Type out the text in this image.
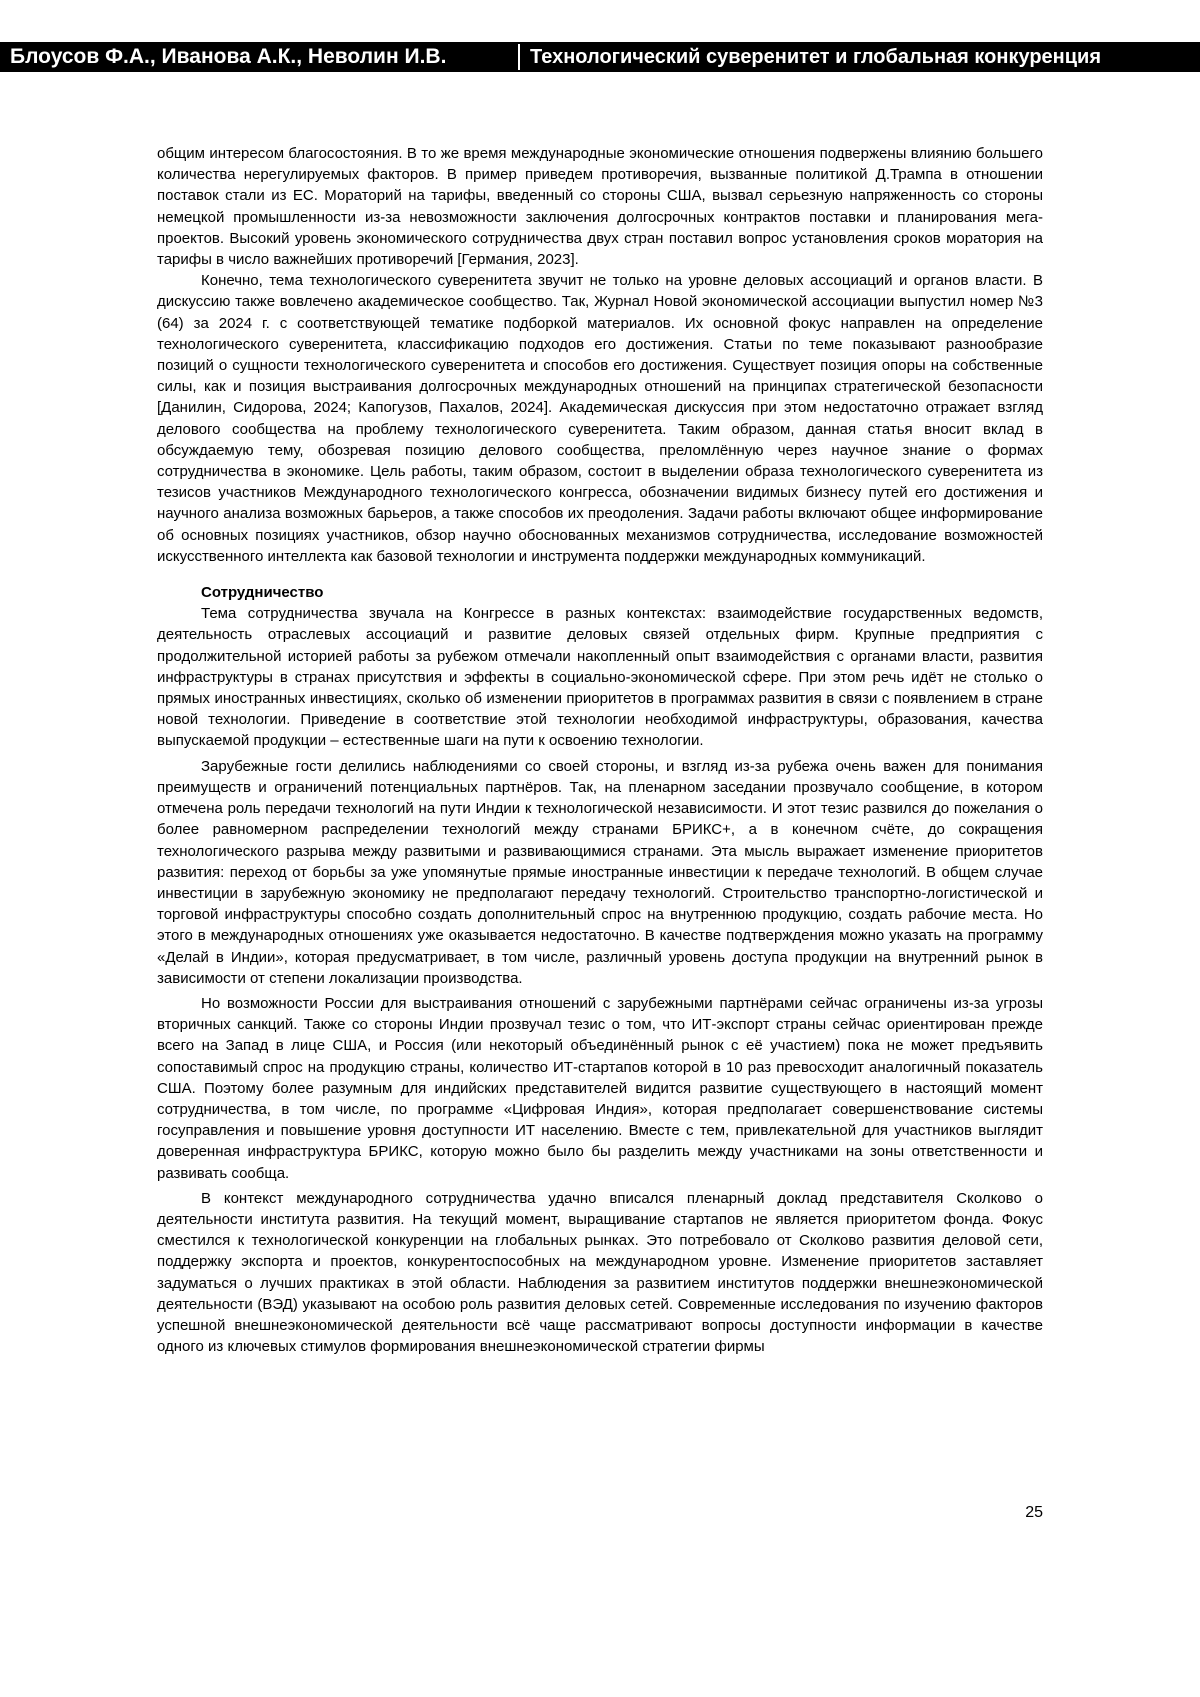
Блоусов Ф.А., Иванова А.К., Неволин И.В.	Технологический суверенитет и глобальная конкуренция

общим интересом благосостояния. В то же время международные экономические отношения подвержены влиянию большего количества нерегулируемых факторов. В пример приведем противоречия, вызванные политикой Д.Трампа в отношении поставок стали из ЕС. Мораторий на тарифы, введенный со стороны США, вызвал серьезную напряженность со стороны немецкой промышленности из-за невозможности заключения долгосрочных контрактов поставки и планирования мега-проектов. Высокий уровень экономического сотрудничества двух стран поставил вопрос установления сроков моратория на тарифы в число важнейших противоречий [Германия, 2023].

Конечно, тема технологического суверенитета звучит не только на уровне деловых ассоциаций и органов власти. В дискуссию также вовлечено академическое сообщество. Так, Журнал Новой экономической ассоциации выпустил номер №3 (64) за 2024 г. с соответствующей тематике подборкой материалов. Их основной фокус направлен на определение технологического суверенитета, классификацию подходов его достижения. Статьи по теме показывают разнообразие позиций о сущности технологического суверенитета и способов его достижения. Существует позиция опоры на собственные силы, как и позиция выстраивания долгосрочных международных отношений на принципах стратегической безопасности [Данилин, Сидорова, 2024; Капогузов, Пахалов, 2024]. Академическая дискуссия при этом недостаточно отражает взгляд делового сообщества на проблему технологического суверенитета. Таким образом, данная статья вносит вклад в обсуждаемую тему, обозревая позицию делового сообщества, преломлённую через научное знание о формах сотрудничества в экономике. Цель работы, таким образом, состоит в выделении образа технологического суверенитета из тезисов участников Международного технологического конгресса, обозначении видимых бизнесу путей его достижения и научного анализа возможных барьеров, а также способов их преодоления. Задачи работы включают общее информирование об основных позициях участников, обзор научно обоснованных механизмов сотрудничества, исследование возможностей искусственного интеллекта как базовой технологии и инструмента поддержки международных коммуникаций.

Сотрудничество

Тема сотрудничества звучала на Конгрессе в разных контекстах: взаимодействие государственных ведомств, деятельность отраслевых ассоциаций и развитие деловых связей отдельных фирм. Крупные предприятия с продолжительной историей работы за рубежом отмечали накопленный опыт взаимодействия с органами власти, развития инфраструктуры в странах присутствия и эффекты в социально-экономической сфере. При этом речь идёт не столько о прямых иностранных инвестициях, сколько об изменении приоритетов в программах развития в связи с появлением в стране новой технологии. Приведение в соответствие этой технологии необходимой инфраструктуры, образования, качества выпускаемой продукции – естественные шаги на пути к освоению технологии.

Зарубежные гости делились наблюдениями со своей стороны, и взгляд из-за рубежа очень важен для понимания преимуществ и ограничений потенциальных партнёров. Так, на пленарном заседании прозвучало сообщение, в котором отмечена роль передачи технологий на пути Индии к технологической независимости. И этот тезис развился до пожелания о более равномерном распределении технологий между странами БРИКС+, а в конечном счёте, до сокращения технологического разрыва между развитыми и развивающимися странами. Эта мысль выражает изменение приоритетов развития: переход от борьбы за уже упомянутые прямые иностранные инвестиции к передаче технологий. В общем случае инвестиции в зарубежную экономику не предполагают передачу технологий. Строительство транспортно-логистической и торговой инфраструктуры способно создать дополнительный спрос на внутреннюю продукцию, создать рабочие места. Но этого в международных отношениях уже оказывается недостаточно. В качестве подтверждения можно указать на программу «Делай в Индии», которая предусматривает, в том числе, различный уровень доступа продукции на внутренний рынок в зависимости от степени локализации производства.

Но возможности России для выстраивания отношений с зарубежными партнёрами сейчас ограничены из-за угрозы вторичных санкций. Также со стороны Индии прозвучал тезис о том, что ИТ-экспорт страны сейчас ориентирован прежде всего на Запад в лице США, и Россия (или некоторый объединённый рынок с её участием) пока не может предъявить сопоставимый спрос на продукцию страны, количество ИТ-стартапов которой в 10 раз превосходит аналогичный показатель США. Поэтому более разумным для индийских представителей видится развитие существующего в настоящий момент сотрудничества, в том числе, по программе «Цифровая Индия», которая предполагает совершенствование системы госуправления и повышение уровня доступности ИТ населению. Вместе с тем, привлекательной для участников выглядит доверенная инфраструктура БРИКС, которую можно было бы разделить между участниками на зоны ответственности и развивать сообща.

В контекст международного сотрудничества удачно вписался пленарный доклад представителя Сколково о деятельности института развития. На текущий момент, выращивание стартапов не является приоритетом фонда. Фокус сместился к технологической конкуренции на глобальных рынках. Это потребовало от Сколково развития деловой сети, поддержку экспорта и проектов, конкурентоспособных на международном уровне. Изменение приоритетов заставляет задуматься о лучших практиках в этой области. Наблюдения за развитием институтов поддержки внешнеэкономической деятельности (ВЭД) указывают на особою роль развития деловых сетей. Современные исследования по изучению факторов успешной внешнеэкономической деятельности всё чаще рассматривают вопросы доступности информации в качестве одного из ключевых стимулов формирования внешнеэкономической стратегии фирмы

25
